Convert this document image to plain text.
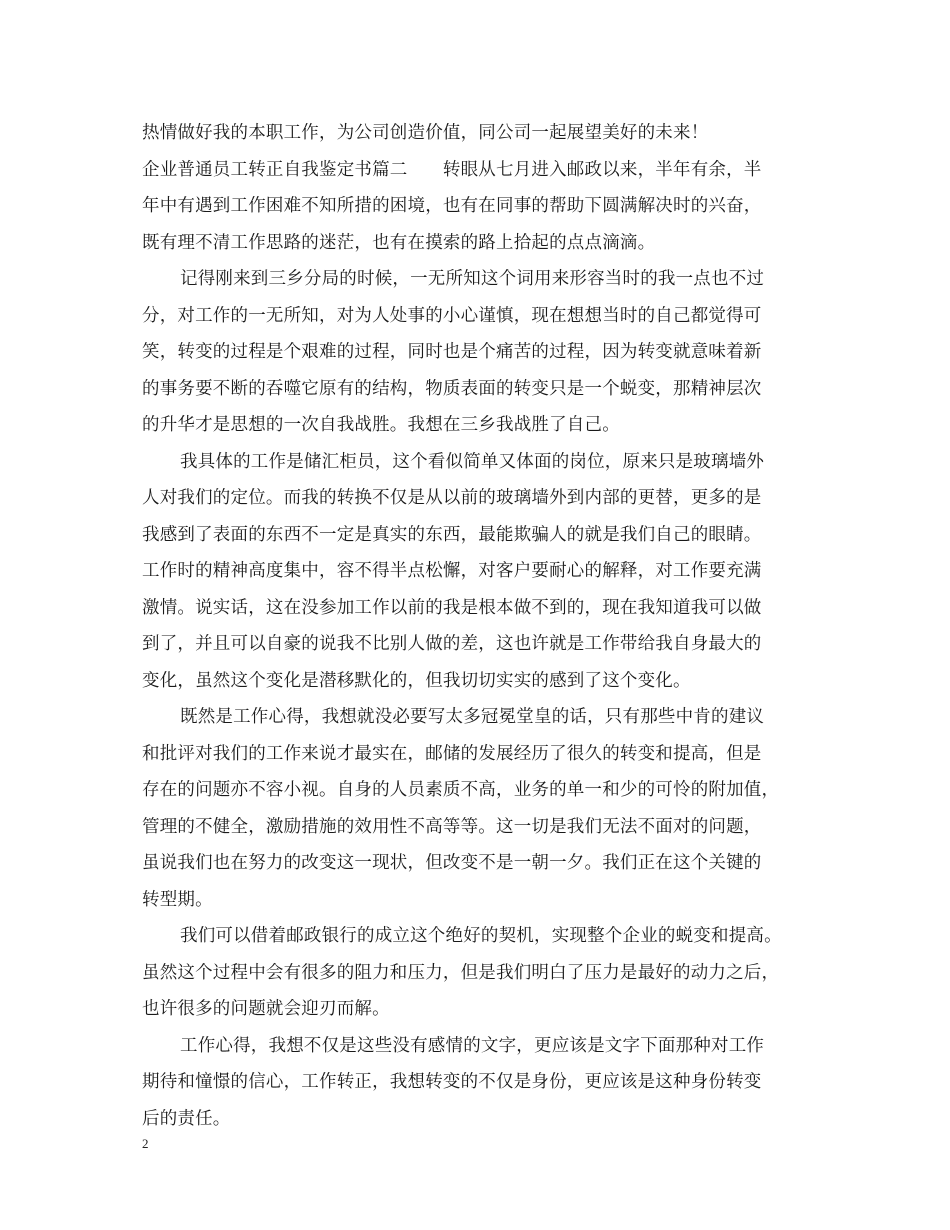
热情做好我的本职工作，为公司创造价值，同公司一起展望美好的未来！
企业普通员工转正自我鉴定书篇二　　转眼从七月进入邮政以来，半年有余，半
年中有遇到工作困难不知所措的困境，也有在同事的帮助下圆满解决时的兴奋，
既有理不清工作思路的迷茫，也有在摸索的路上拾起的点点滴滴。
记得刚来到三乡分局的时候，一无所知这个词用来形容当时的我一点也不过
分，对工作的一无所知，对为人处事的小心谨慎，现在想想当时的自己都觉得可
笑，转变的过程是个艰难的过程，同时也是个痛苦的过程，因为转变就意味着新
的事务要不断的吞噬它原有的结构，物质表面的转变只是一个蜕变，那精神层次
的升华才是思想的一次自我战胜。我想在三乡我战胜了自己。
我具体的工作是储汇柜员，这个看似简单又体面的岗位，原来只是玻璃墙外
人对我们的定位。而我的转换不仅是从以前的玻璃墙外到内部的更替，更多的是
我感到了表面的东西不一定是真实的东西，最能欺骗人的就是我们自己的眼睛。
工作时的精神高度集中，容不得半点松懈，对客户要耐心的解释，对工作要充满
激情。说实话，这在没参加工作以前的我是根本做不到的，现在我知道我可以做
到了，并且可以自豪的说我不比别人做的差，这也许就是工作带给我自身最大的
变化，虽然这个变化是潜移默化的，但我切切实实的感到了这个变化。
既然是工作心得，我想就没必要写太多冠冕堂皇的话，只有那些中肯的建议
和批评对我们的工作来说才最实在，邮储的发展经历了很久的转变和提高，但是
存在的问题亦不容小视。自身的人员素质不高，业务的单一和少的可怜的附加值，
管理的不健全，激励措施的效用性不高等等。这一切是我们无法不面对的问题，
虽说我们也在努力的改变这一现状，但改变不是一朝一夕。我们正在这个关键的
转型期。
我们可以借着邮政银行的成立这个绝好的契机，实现整个企业的蜕变和提高。
虽然这个过程中会有很多的阻力和压力，但是我们明白了压力是最好的动力之后，
也许很多的问题就会迎刃而解。
工作心得，我想不仅是这些没有感情的文字，更应该是文字下面那种对工作
期待和憧憬的信心，工作转正，我想转变的不仅是身份，更应该是这种身份转变
后的责任。
2
